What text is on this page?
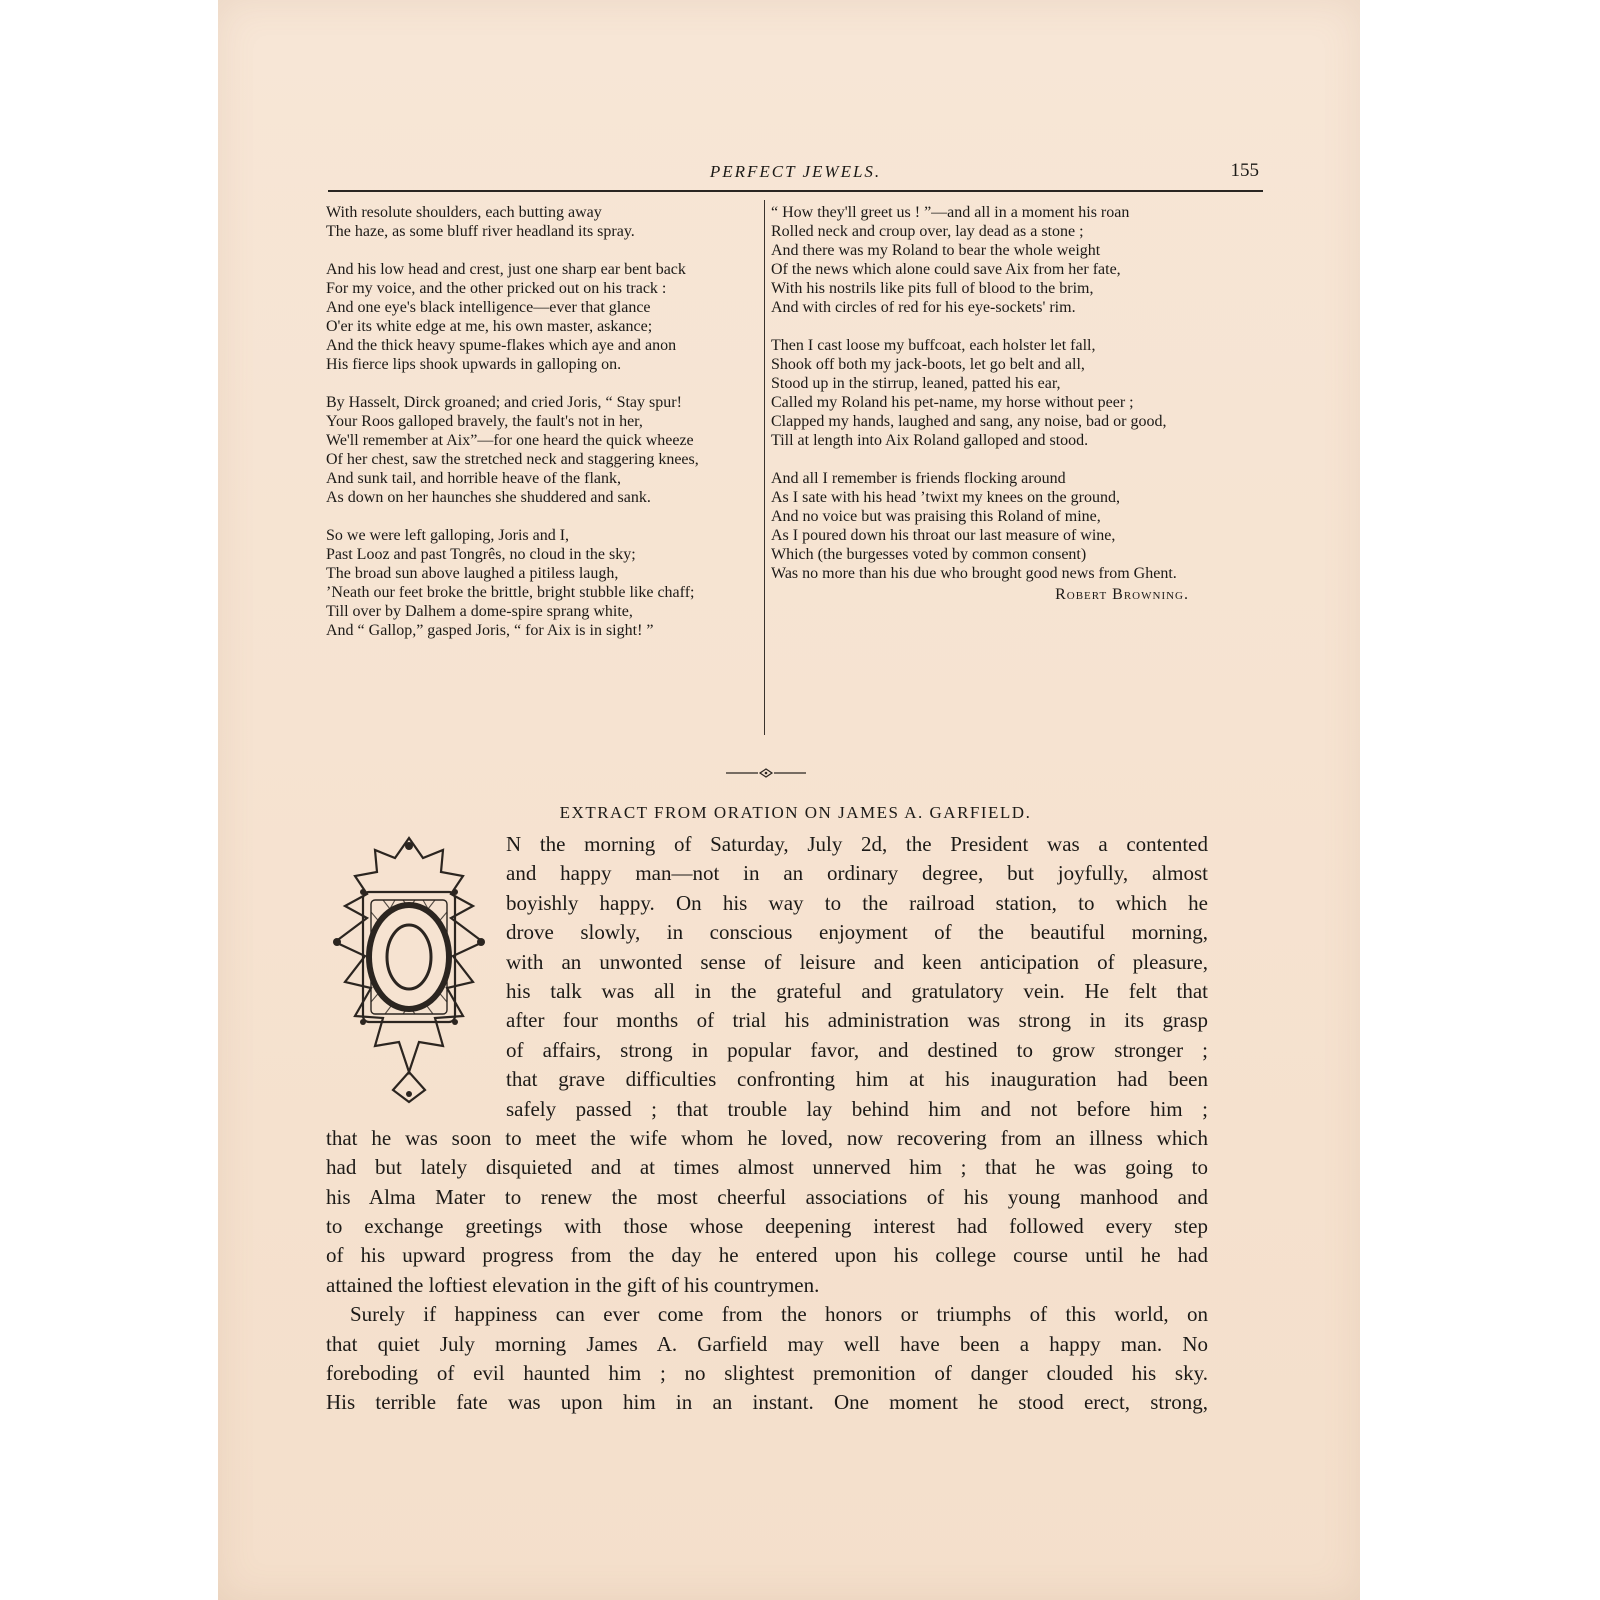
PERFECT JEWELS.	155
With resolute shoulders, each butting away
The haze, as some bluff river headland its spray.
And his low head and crest, just one sharp ear bent back
For my voice, and the other pricked out on his track :
And one eye's black intelligence—ever that glance
O'er its white edge at me, his own master, askance;
And the thick heavy spume-flakes which aye and anon
His fierce lips shook upwards in galloping on.
By Hasselt, Dirck groaned; and cried Joris, “ Stay spur!
Your Roos galloped bravely, the fault's not in her,
We'll remember at Aix”—for one heard the quick wheeze
Of her chest, saw the stretched neck and staggering knees,
And sunk tail, and horrible heave of the flank,
As down on her haunches she shuddered and sank.
So we were left galloping, Joris and I,
Past Looz and past Tongrês, no cloud in the sky;
The broad sun above laughed a pitiless laugh,
’Neath our feet broke the brittle, bright stubble like chaff;
Till over by Dalhem a dome-spire sprang white,
And “ Gallop,” gasped Joris, “ for Aix is in sight! ”
“ How they'll greet us ! ”—and all in a moment his roan
Rolled neck and croup over, lay dead as a stone ;
And there was my Roland to bear the whole weight
Of the news which alone could save Aix from her fate,
With his nostrils like pits full of blood to the brim,
And with circles of red for his eye-sockets' rim.
Then I cast loose my buffcoat, each holster let fall,
Shook off both my jack-boots, let go belt and all,
Stood up in the stirrup, leaned, patted his ear,
Called my Roland his pet-name, my horse without peer ;
Clapped my hands, laughed and sang, any noise, bad or good,
Till at length into Aix Roland galloped and stood.
And all I remember is friends flocking around
As I sate with his head ’twixt my knees on the ground,
And no voice but was praising this Roland of mine,
As I poured down his throat our last measure of wine,
Which (the burgesses voted by common consent)
Was no more than his due who brought good news from Ghent.
Robert Browning.
EXTRACT FROM ORATION ON JAMES A. GARFIELD.
N the morning of Saturday, July 2d, the President was a contented
and happy man—not in an ordinary degree, but joyfully, almost
boyishly happy. On his way to the railroad station, to which he
drove slowly, in conscious enjoyment of the beautiful morning,
with an unwonted sense of leisure and keen anticipation of pleasure,
his talk was all in the grateful and gratulatory vein. He felt that
after four months of trial his administration was strong in its grasp
of affairs, strong in popular favor, and destined to grow stronger ;
that grave difficulties confronting him at his inauguration had been
safely passed ; that trouble lay behind him and not before him ;
that he was soon to meet the wife whom he loved, now recovering from an illness which
had but lately disquieted and at times almost unnerved him ; that he was going to
his Alma Mater to renew the most cheerful associations of his young manhood and
to exchange greetings with those whose deepening interest had followed every step
of his upward progress from the day he entered upon his college course until he had
attained the loftiest elevation in the gift of his countrymen.
Surely if happiness can ever come from the honors or triumphs of this world, on
that quiet July morning James A. Garfield may well have been a happy man. No
foreboding of evil haunted him ; no slightest premonition of danger clouded his sky.
His terrible fate was upon him in an instant. One moment he stood erect, strong,
